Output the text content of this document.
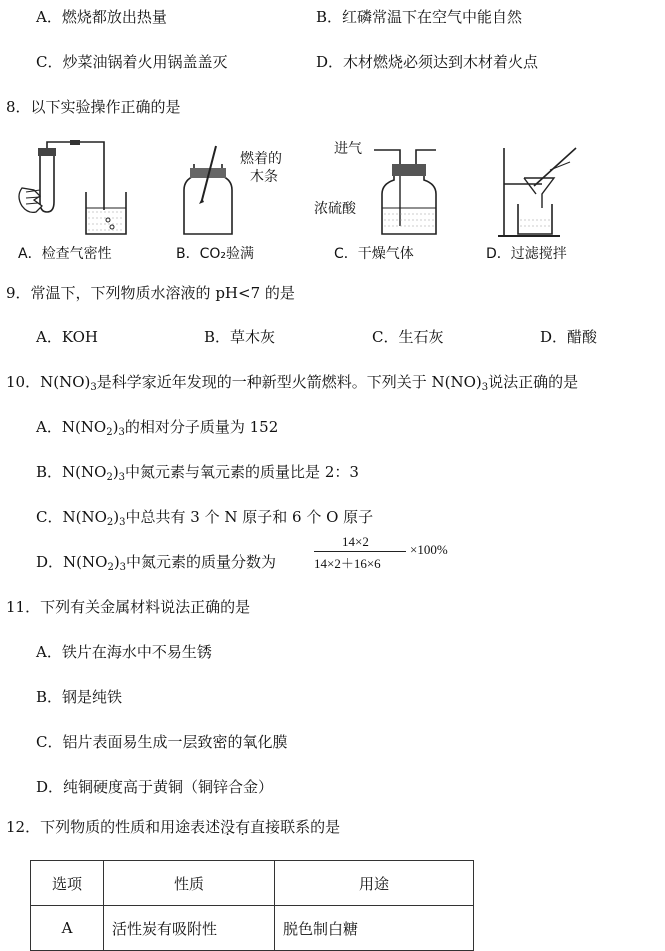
A．燃烧都放出热量	B．红磷常温下在空气中能自然
C．炒菜油锅着火用锅盖盖灭	D．木材燃烧必须达到木材着火点
8．以下实验操作正确的是
A．检查气密性
燃着的
木条
B．CO₂验满
进气
浓硫酸
C．干燥气体	D．过滤搅拌
9．常温下，下列物质水溶液的 pH<7 的是
A．KOH	B．草木灰	C．生石灰	D．醋酸
10．$N(NO)_3$是科学家近年发现的一种新型火箭燃料。下列关于 $N(NO)_3$说法正确的是
A．$N(NO_2)_3$的相对分子质量为 152
B．$N(NO_2)_3$中氮元素与氧元素的质量比是 2：3
C．$N(NO_2)_3$中总共有 3 个 N 原子和 6 个 O 原子
D．$N(NO_2)_3$中氮元素的质量分数为
14×2
14×2＋16×6
×100%
11．下列有关金属材料说法正确的是
A．铁片在海水中不易生锈
B．钢是纯铁
C．铝片表面易生成一层致密的氧化膜
D．纯铜硬度高于黄铜（铜锌合金）
12．下列物质的性质和用途表述没有直接联系的是
选项	性质	用途
A	活性炭有吸附性	脱色制白糖
